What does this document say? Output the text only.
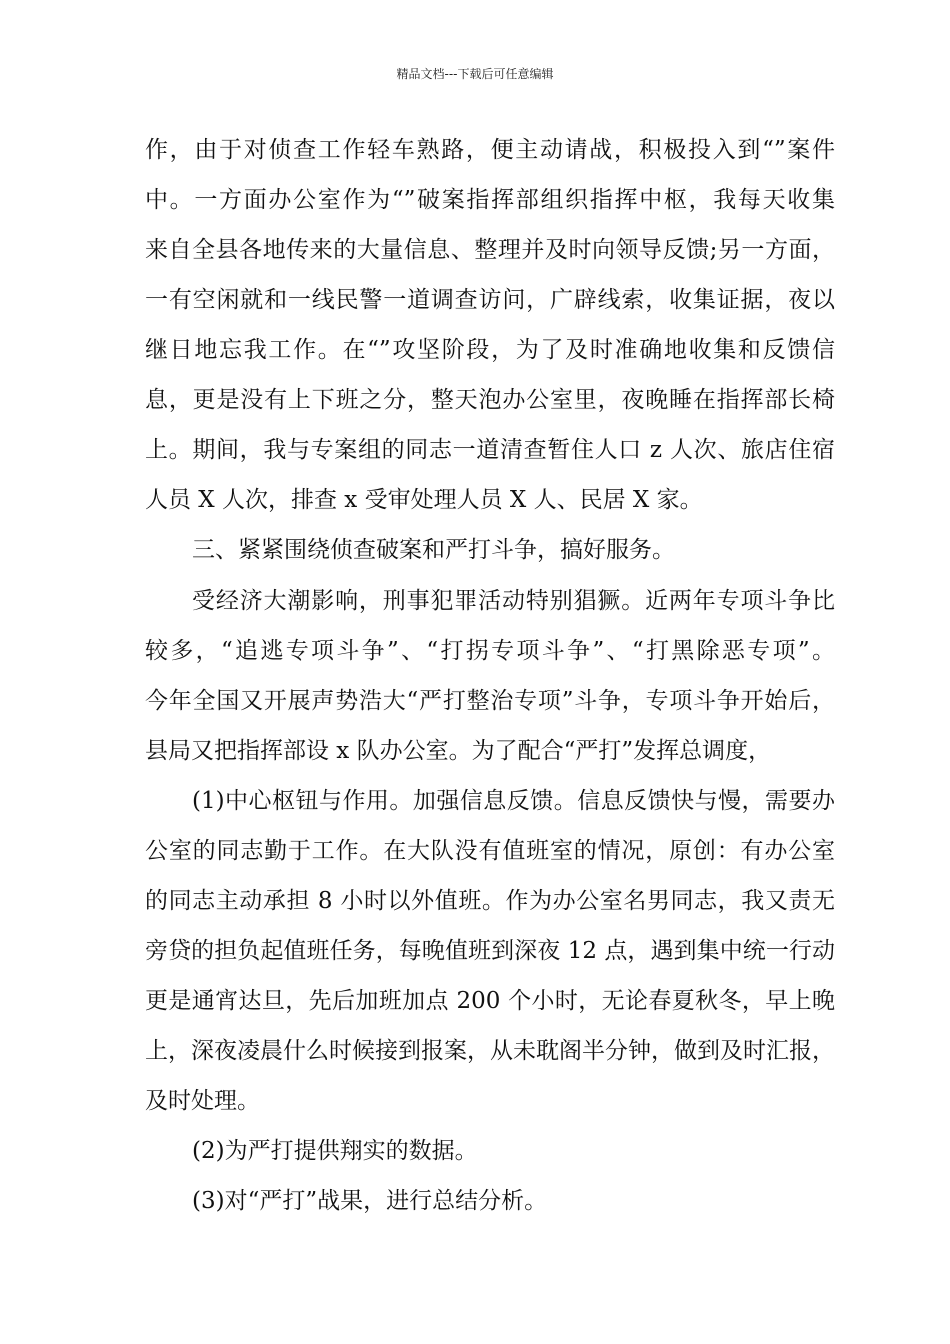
精品文档---下载后可任意编辑
作，由于对侦查工作轻车熟路，便主动请战，积极投入到“”案件
中。一方面办公室作为“”破案指挥部组织指挥中枢，我每天收集
来自全县各地传来的大量信息、整理并及时向领导反馈;另一方面，
一有空闲就和一线民警一道调查访问，广辟线索，收集证据，夜以
继日地忘我工作。在“”攻坚阶段，为了及时准确地收集和反馈信
息，更是没有上下班之分，整天泡办公室里，夜晚睡在指挥部长椅
上。期间，我与专案组的同志一道清查暂住人口 z 人次、旅店住宿
人员 X 人次，排查 x 受审处理人员 X 人、民居 X 家。
三、紧紧围绕侦查破案和严打斗争，搞好服务。
受经济大潮影响，刑事犯罪活动特别猖獗。近两年专项斗争比
较多，“追逃专项斗争”、“打拐专项斗争”、“打黑除恶专项”。
今年全国又开展声势浩大“严打整治专项”斗争，专项斗争开始后，
县局又把指挥部设 x 队办公室。为了配合“严打”发挥总调度，
(1)中心枢钮与作用。加强信息反馈。信息反馈快与慢，需要办
公室的同志勤于工作。在大队没有值班室的情况，原创：有办公室
的同志主动承担 8 小时以外值班。作为办公室名男同志，我又责无
旁贷的担负起值班任务，每晚值班到深夜 12 点，遇到集中统一行动
更是通宵达旦，先后加班加点 200 个小时，无论春夏秋冬，早上晚
上，深夜凌晨什么时候接到报案，从未耽阁半分钟，做到及时汇报，
及时处理。
(2)为严打提供翔实的数据。
(3)对“严打”战果，进行总结分析。
